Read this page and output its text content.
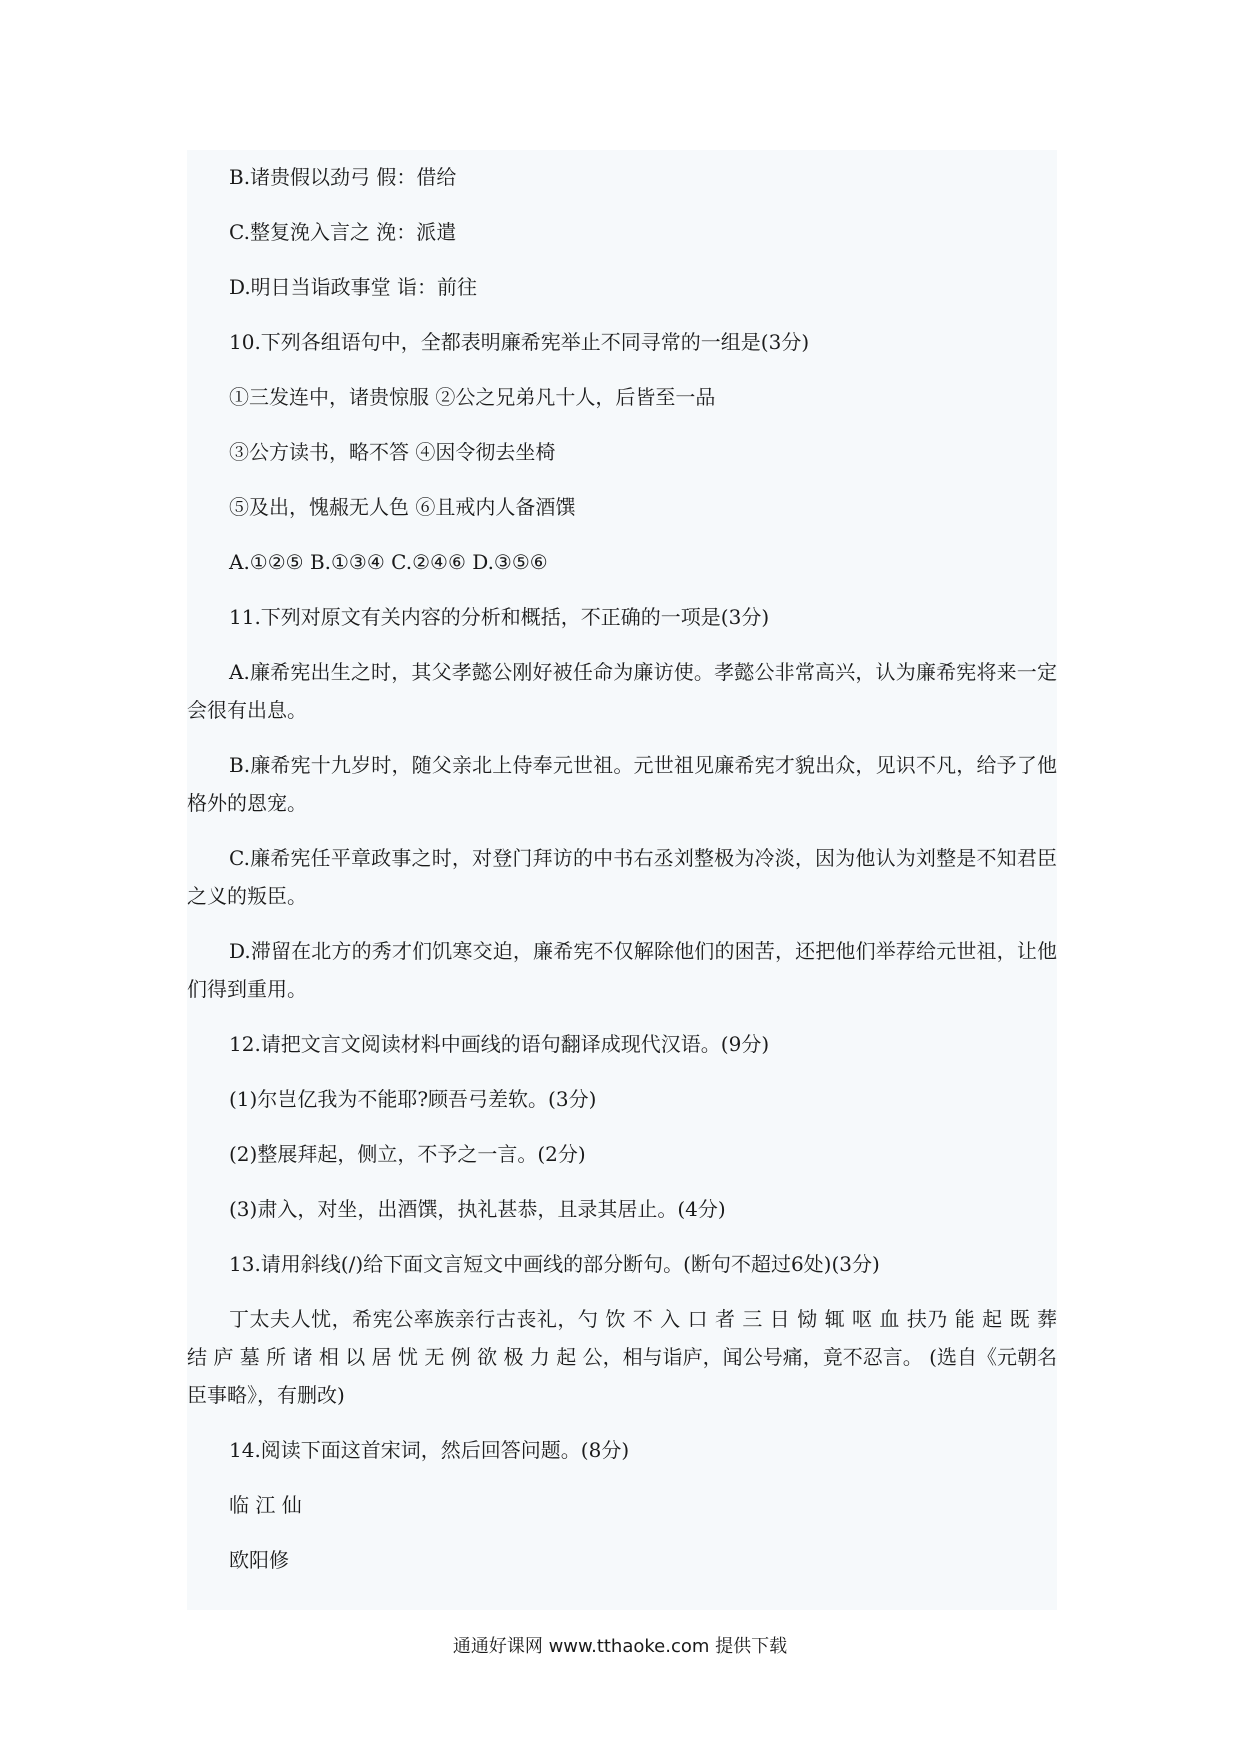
B.诸贵假以劲弓 假：借给
C.整复浼入言之 浼：派遣
D.明日当诣政事堂 诣：前往
10.下列各组语句中，全都表明廉希宪举止不同寻常的一组是(3分)
①三发连中，诸贵惊服 ②公之兄弟凡十人，后皆至一品
③公方读书，略不答 ④因令彻去坐椅
⑤及出，愧赧无人色 ⑥且戒内人备酒馔
A.①②⑤ B.①③④ C.②④⑥ D.③⑤⑥
11.下列对原文有关内容的分析和概括，不正确的一项是(3分)
A.廉希宪出生之时，其父孝懿公刚好被任命为廉访使。孝懿公非常高兴，认为廉希宪将来一定会很有出息。
B.廉希宪十九岁时，随父亲北上侍奉元世祖。元世祖见廉希宪才貌出众，见识不凡，给予了他格外的恩宠。
C.廉希宪任平章政事之时，对登门拜访的中书右丞刘整极为冷淡，因为他认为刘整是不知君臣之义的叛臣。
D.滞留在北方的秀才们饥寒交迫，廉希宪不仅解除他们的困苦，还把他们举荐给元世祖，让他们得到重用。
12.请把文言文阅读材料中画线的语句翻译成现代汉语。(9分)
(1)尔岂亿我为不能耶?顾吾弓差软。(3分)
(2)整展拜起，侧立，不予之一言。(2分)
(3)肃入，对坐，出酒馔，执礼甚恭，且录其居止。(4分)
13.请用斜线(/)给下面文言短文中画线的部分断句。(断句不超过6处)(3分)
丁太夫人忧，希宪公率族亲行古丧礼，勺 饮 不 入 口 者 三 日 恸 辄 呕 血 扶乃 能 起 既 葬 结 庐 墓 所 诸 相 以 居 忧 无 例 欲 极 力 起 公，相与诣庐，闻公号痛，竟不忍言。 (选自《元朝名臣事略》，有删改)
14.阅读下面这首宋词，然后回答问题。(8分)
临 江 仙
欧阳修
通通好课网 www.tthaoke.com 提供下载
